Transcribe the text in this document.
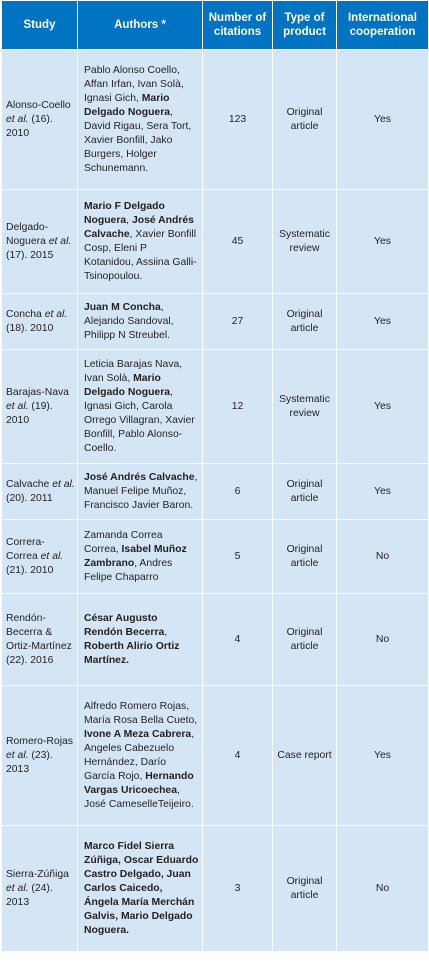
Study	Authors *	Number of citations	Type of product	International cooperation
Alonso-Coello et al. (16). 2010	Pablo Alonso Coello, Affan Irfan, Ivan Solà, Ignasi Gich, Mario Delgado Noguera, David Rigau, Sera Tort, Xavier Bonfill, Jako Burgers, Holger Schunemann.	123	Original article	Yes
Delgado-Noguera et al. (17). 2015	Mario F Delgado Noguera, José Andrés Calvache, Xavier Bonfill Cosp, Eleni P Kotanidou, Assiina Galli-Tsinopoulou.	45	Systematic review	Yes
Concha et al. (18). 2010	Juan M Concha, Alejando Sandoval, Philipp N Streubel.	27	Original article	Yes
Barajas-Nava et al. (19). 2010	Leticia Barajas Nava, Ivan Solà, Mario Delgado Noguera, Ignasi Gich, Carola Orrego Villagran, Xavier Bonfill, Pablo Alonso-Coello.	12	Systematic review	Yes
Calvache et al. (20). 2011	José Andrés Calvache, Manuel Felipe Muñoz, Francisco Javier Baron.	6	Original article	Yes
Correra-Correa et al. (21). 2010	Zamanda Correa Correa, Isabel Muñoz Zambrano, Andres Felipe Chaparro	5	Original article	No
Rendón-Becerra & Ortiz-Martínez (22). 2016	César Augusto Rendón Becerra, Roberth Alirio Ortiz Martínez.	4	Original article	No
Romero-Rojas et al. (23). 2013	Alfredo Romero Rojas, María Rosa Bella Cueto, Ivone A Meza Cabrera, Angeles Cabezuelo Hernández, Darío García Rojo, Hernando Vargas Uricoechea, José CameselleTeijeiro.	4	Case report	Yes
Sierra-Zúñiga et al. (24). 2013	Marco Fidel Sierra Zúñiga, Oscar Eduardo Castro Delgado, Juan Carlos Caicedo, Ángela María Merchán Galvis, Mario Delgado Noguera.	3	Original article	No
